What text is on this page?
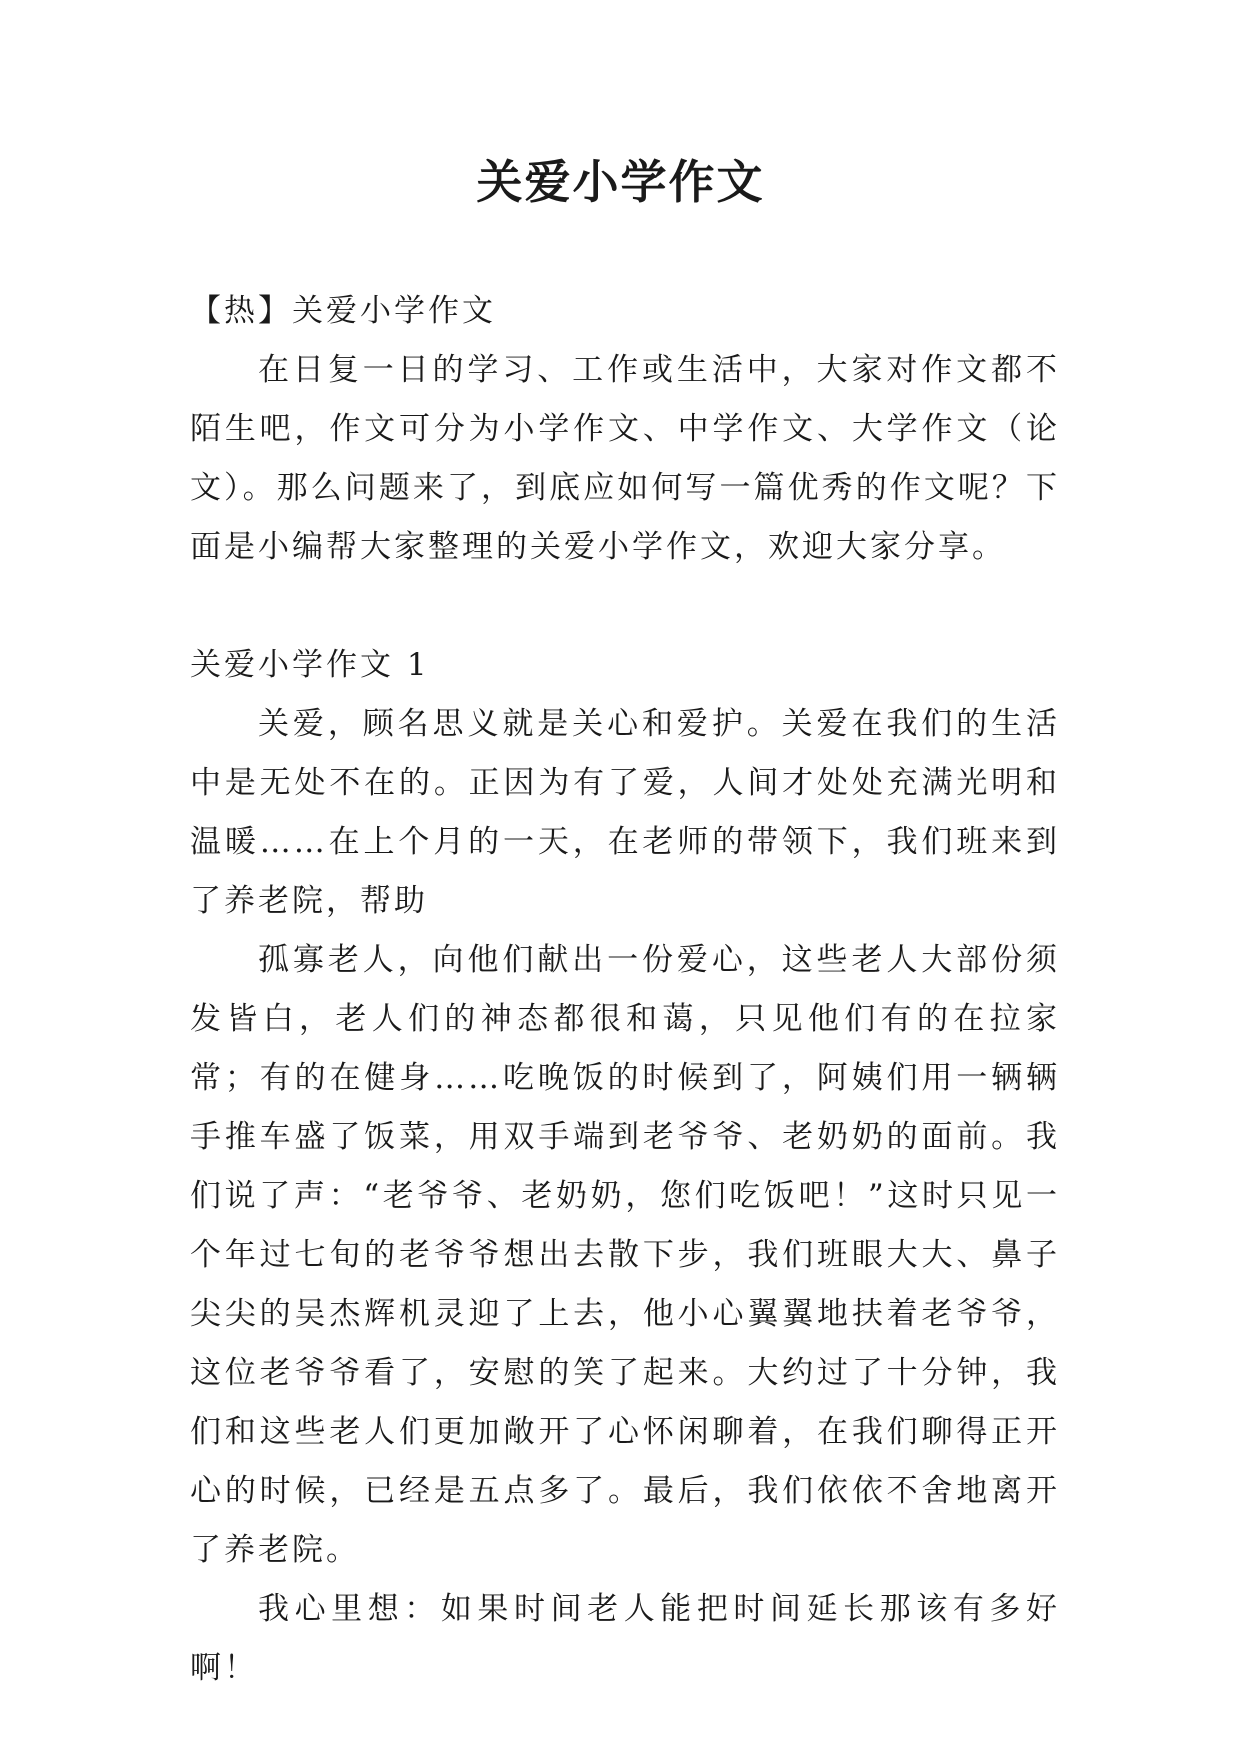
关爱小学作文

【热】关爱小学作文

在日复一日的学习、工作或生活中，大家对作文都不陌生吧，作文可分为小学作文、中学作文、大学作文（论文）。那么问题来了，到底应如何写一篇优秀的作文呢？下面是小编帮大家整理的关爱小学作文，欢迎大家分享。

关爱小学作文 1

关爱，顾名思义就是关心和爱护。关爱在我们的生活中是无处不在的。正因为有了爱，人间才处处充满光明和温暖……在上个月的一天，在老师的带领下，我们班来到了养老院，帮助

孤寡老人，向他们献出一份爱心，这些老人大部份须发皆白，老人们的神态都很和蔼，只见他们有的在拉家常；有的在健身……吃晚饭的时候到了，阿姨们用一辆辆手推车盛了饭菜，用双手端到老爷爷、老奶奶的面前。我们说了声：“老爷爷、老奶奶，您们吃饭吧！”这时只见一个年过七旬的老爷爷想出去散下步，我们班眼大大、鼻子尖尖的吴杰辉机灵迎了上去，他小心翼翼地扶着老爷爷，这位老爷爷看了，安慰的笑了起来。大约过了十分钟，我们和这些老人们更加敞开了心怀闲聊着，在我们聊得正开心的时候，已经是五点多了。最后，我们依依不舍地离开了养老院。

我心里想：如果时间老人能把时间延长那该有多好啊！
